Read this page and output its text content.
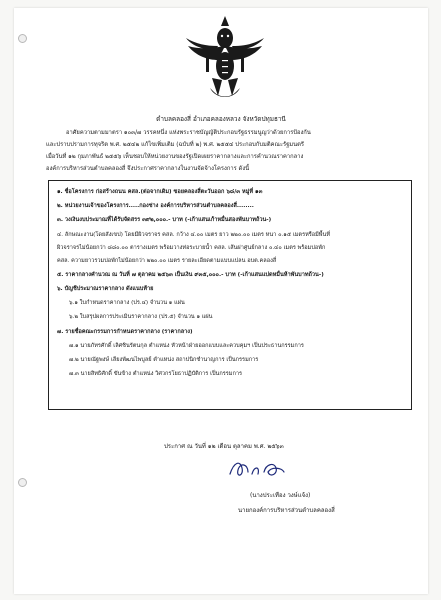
ตำบลคลองสี่ อำเภอคลองหลวง จังหวัดปทุมธานี
อาศัยความตามมาตรา ๑๐๓/๗ วรรคหนึ่ง แห่งพระราชบัญญัติประกอบรัฐธรรมนูญว่าด้วยการป้องกัน
และปราบปรามการทุจริต พ.ศ. ๒๕๔๒ แก้ไขเพิ่มเติม (ฉบับที่ ๒) พ.ศ. ๒๕๕๔ ประกอบกับมติคณะรัฐมนตรี
เมื่อวันที่ ๑๒ กุมภาพันธ์ ๒๕๕๖ เห็นชอบให้หน่วยงานของรัฐเปิดเผยราคากลางและการคำนวณราคากลาง
องค์การบริหารส่วนตำบลคลองสี่ จึงประกาศราคากลางในงานจัดจ้างโครงการ ดังนี้
๑. ชื่อโครงการ ก่อสร้างถนน คสล.(ต่อจากเดิม) ซอยคลองสี่ตะวันออก ๖๘/๓ หมู่ที่ ๑๓
๒. หน่วยงานเจ้าของโครงการ.....กองช่าง องค์การบริหารส่วนตำบลคลองสี่........
๓. วงเงินงบประมาณที่ได้รับจัดสรร ๓๙๒,๐๐๐.- บาท (-เก้าแสนเก้าหมื่นสองพันบาทถ้วน-)
๔. ลักษณะงาน(โดยสังเขป) โดยมีผิวจราจร คสล. กว้าง ๔.๐๐ เมตร ยาว ๒๒๐.๐๐ เมตร หนา ๐.๑๕ เมตรหรือมีพื้นที่
ผิวจราจรไม่น้อยกว่า ๘๘๐.๐๐ ตารางเมตร พร้อมวางท่อระบายน้ำ คสล. เส้นผ่าศูนย์กลาง ๐.๔๐ เมตร พร้อมบ่อพัก
คสล. ความยาวรวมบ่อพักไม่น้อยกว่า ๒๒๐.๐๐ เมตร รายละเอียดตามแบบแปลน อบต.คลองสี่
๕. ราคากลางคำนวณ ณ วันที่ ๗ ตุลาคม ๒๕๖๓ เป็นเงิน ๙๓๕,๐๐๐.- บาท (-เก้าแสนแปดหมื่นห้าพันบาทถ้วน-)
๖. บัญชีประมาณราคากลาง ดังแนบท้าย
๖.๑ ใบกำหนดราคากลาง (ปร.๔) จำนวน ๑ แผ่น
๖.๒ ใบสรุปผลการประเมินราคากลาง (ปร.๕) จำนวน ๑ แผ่น
๗. รายชื่อคณะกรรมการกำหนดราคากลาง (ราคากลาง)
๗.๑ นายภัทรศักดิ์ เลิศชินรัตนกุล ตำแหน่ง หัวหน้าฝ่ายออกแบบและควบคุมฯ เป็นประธานกรรมการ
๗.๒ นายณัฐพงษ์ เลียงพัฒนไพบูลย์ ตำแหน่ง สถาปนิกชำนาญการ เป็นกรรมการ
๗.๓ นายสิทธิศักดิ์ ขันข้าง ตำแหน่ง วิศวกรโยธาปฏิบัติการ เป็นกรรมการ
ประกาศ ณ วันที่ ๑๒ เดือน ตุลาคม พ.ศ. ๒๕๖๓
(นางประเทือง วงษ์แจ้ง)
นายกองค์การบริหารส่วนตำบลคลองสี่
